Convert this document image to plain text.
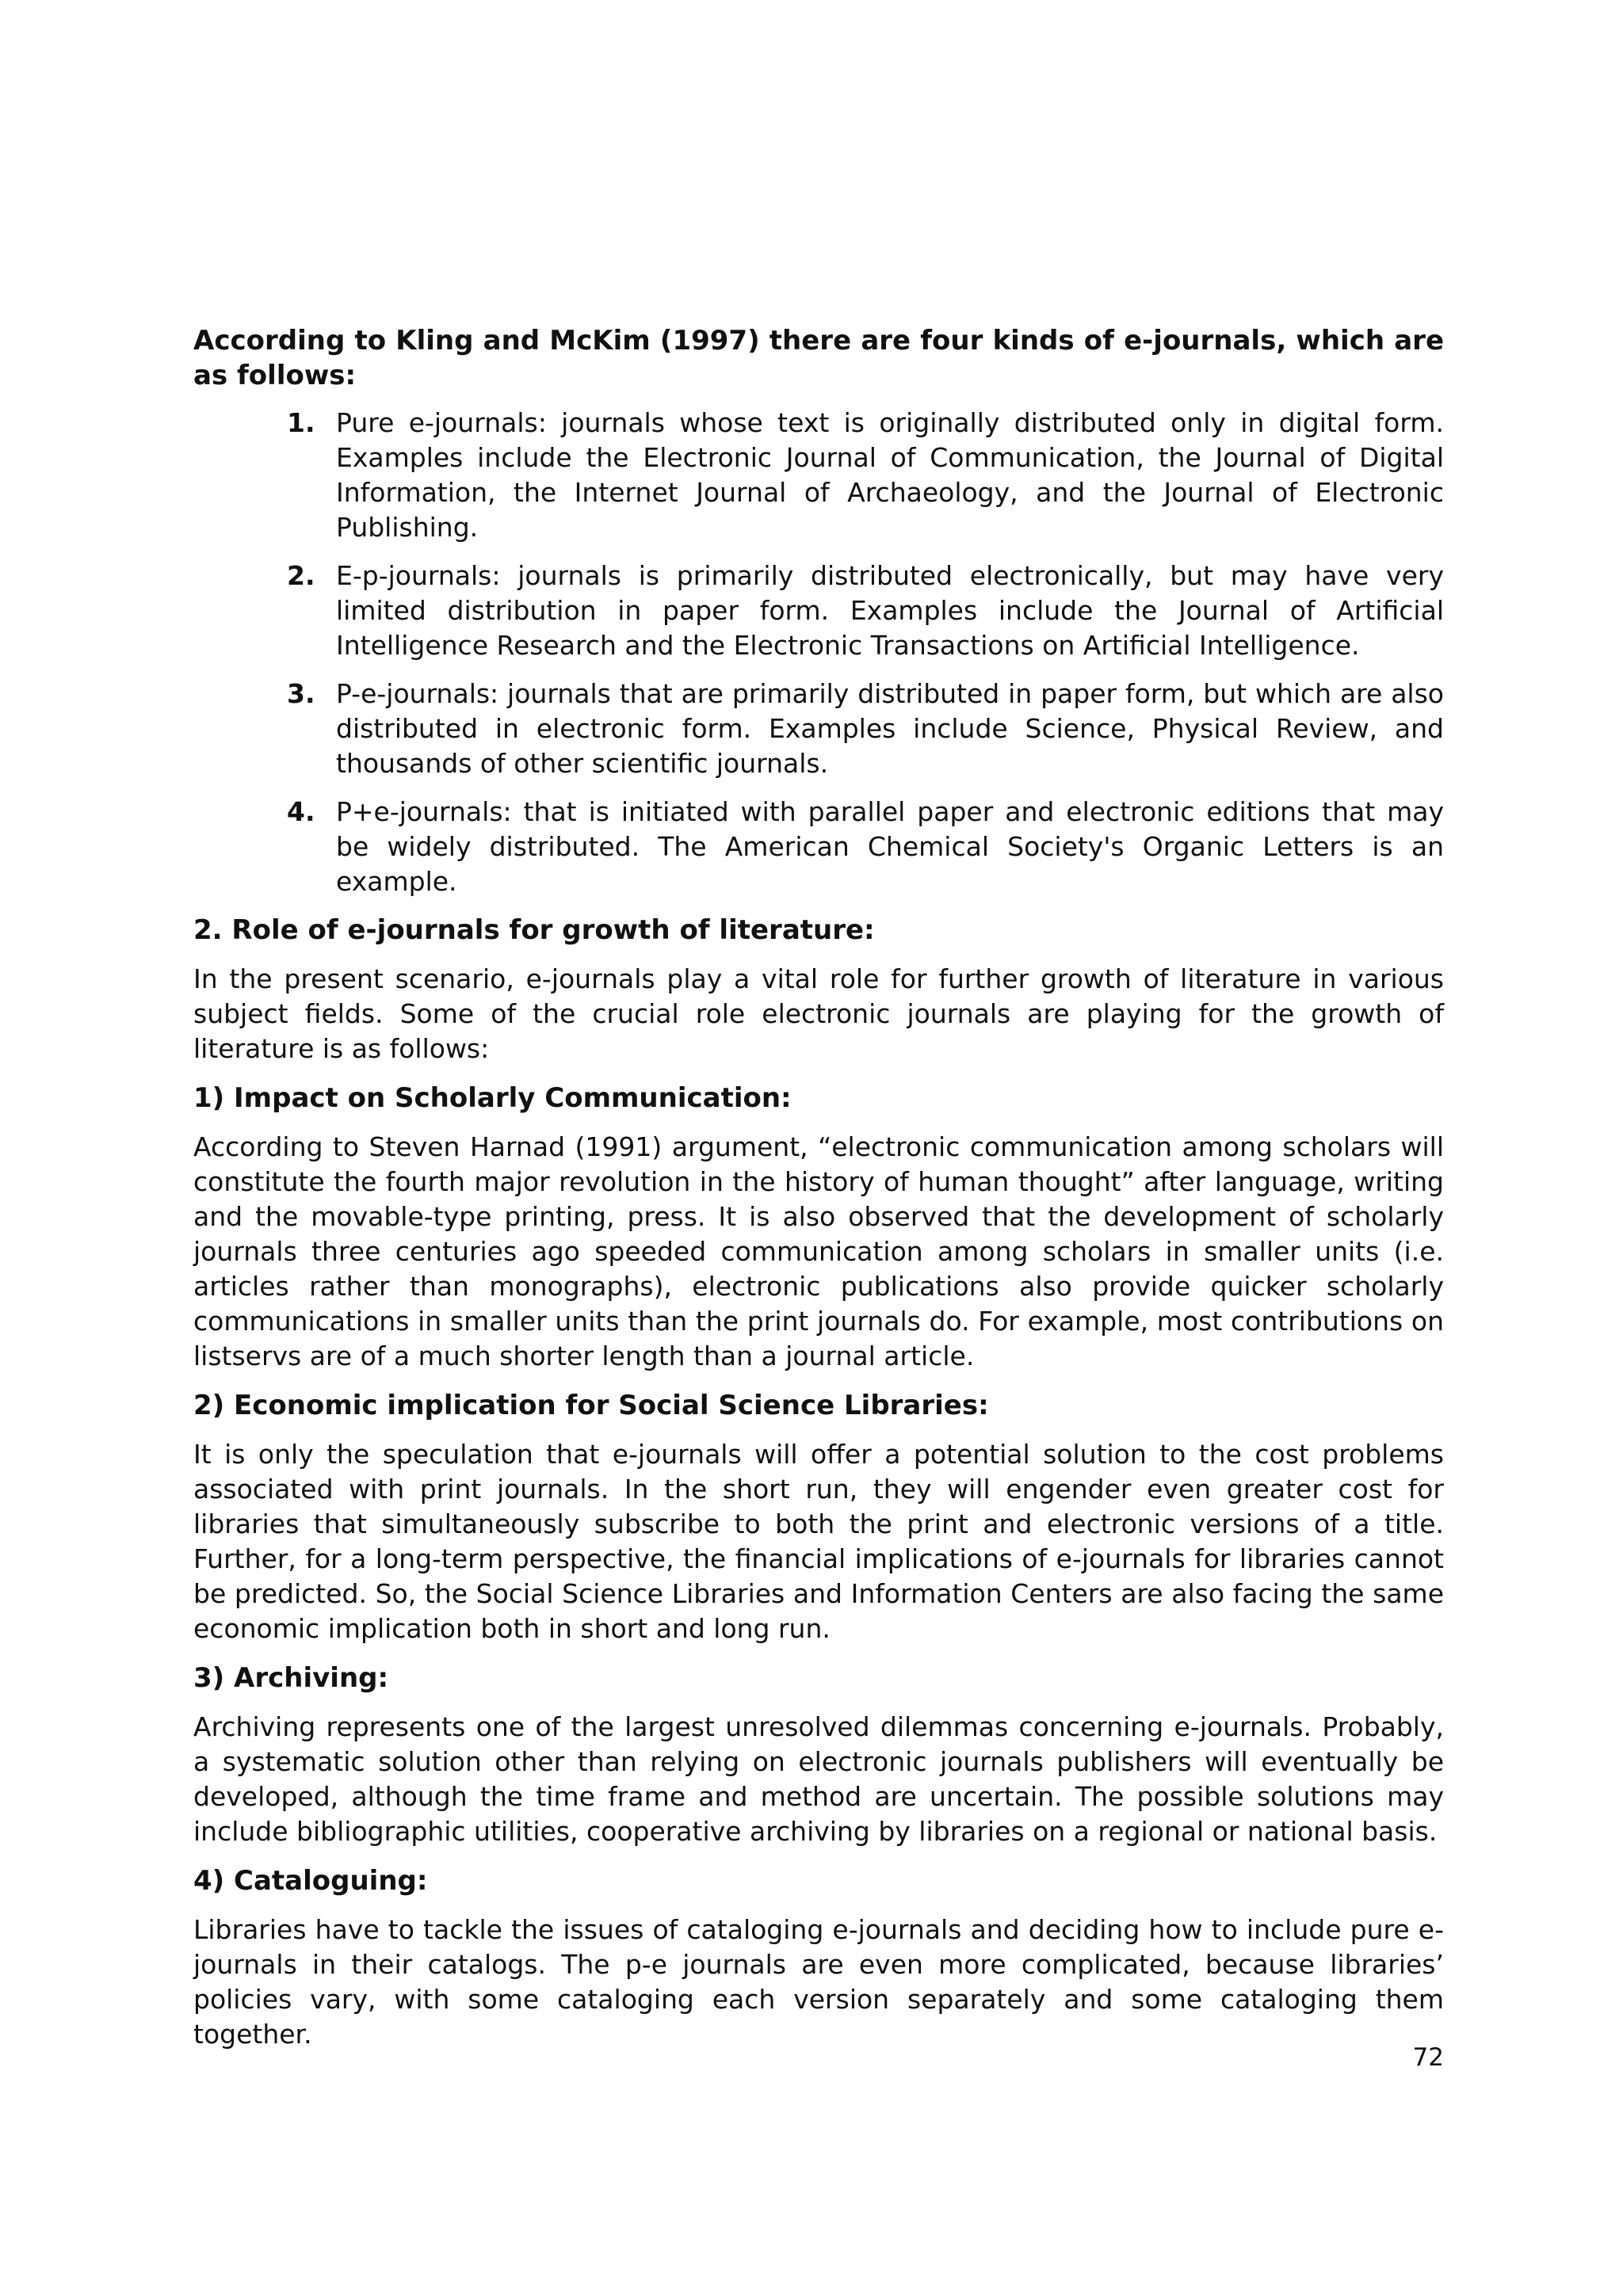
According to Kling and McKim (1997) there are four kinds of e-journals, which are as follows:

1. Pure e-journals: journals whose text is originally distributed only in digital form. Examples include the Electronic Journal of Communication, the Journal of Digital Information, the Internet Journal of Archaeology, and the Journal of Electronic Publishing.
2. E-p-journals: journals is primarily distributed electronically, but may have very limited distribution in paper form. Examples include the Journal of Artificial Intelligence Research and the Electronic Transactions on Artificial Intelligence.
3. P-e-journals: journals that are primarily distributed in paper form, but which are also distributed in electronic form. Examples include Science, Physical Review, and thousands of other scientific journals.
4. P+e-journals: that is initiated with parallel paper and electronic editions that may be widely distributed. The American Chemical Society's Organic Letters is an example.
2. Role of e-journals for growth of literature:

In the present scenario, e-journals play a vital role for further growth of literature in various subject fields. Some of the crucial role electronic journals are playing for the growth of literature is as follows:

1) Impact on Scholarly Communication:

According to Steven Harnad (1991) argument, “electronic communication among scholars will constitute the fourth major revolution in the history of human thought” after language, writing and the movable-type printing, press. It is also observed that the development of scholarly journals three centuries ago speeded communication among scholars in smaller units (i.e. articles rather than monographs), electronic publications also provide quicker scholarly communications in smaller units than the print journals do. For example, most contributions on listservs are of a much shorter length than a journal article.

2) Economic implication for Social Science Libraries:

It is only the speculation that e-journals will offer a potential solution to the cost problems associated with print journals. In the short run, they will engender even greater cost for libraries that simultaneously subscribe to both the print and electronic versions of a title. Further, for a long-term perspective, the financial implications of e-journals for libraries cannot be predicted. So, the Social Science Libraries and Information Centers are also facing the same economic implication both in short and long run.

3) Archiving:

Archiving represents one of the largest unresolved dilemmas concerning e-journals. Probably, a systematic solution other than relying on electronic journals publishers will eventually be developed, although the time frame and method are uncertain. The possible solutions may include bibliographic utilities, cooperative archiving by libraries on a regional or national basis.

4) Cataloguing:

Libraries have to tackle the issues of cataloging e-journals and deciding how to include pure e-journals in their catalogs. The p-e journals are even more complicated, because libraries’ policies vary, with some cataloging each version separately and some cataloging them together.

72
